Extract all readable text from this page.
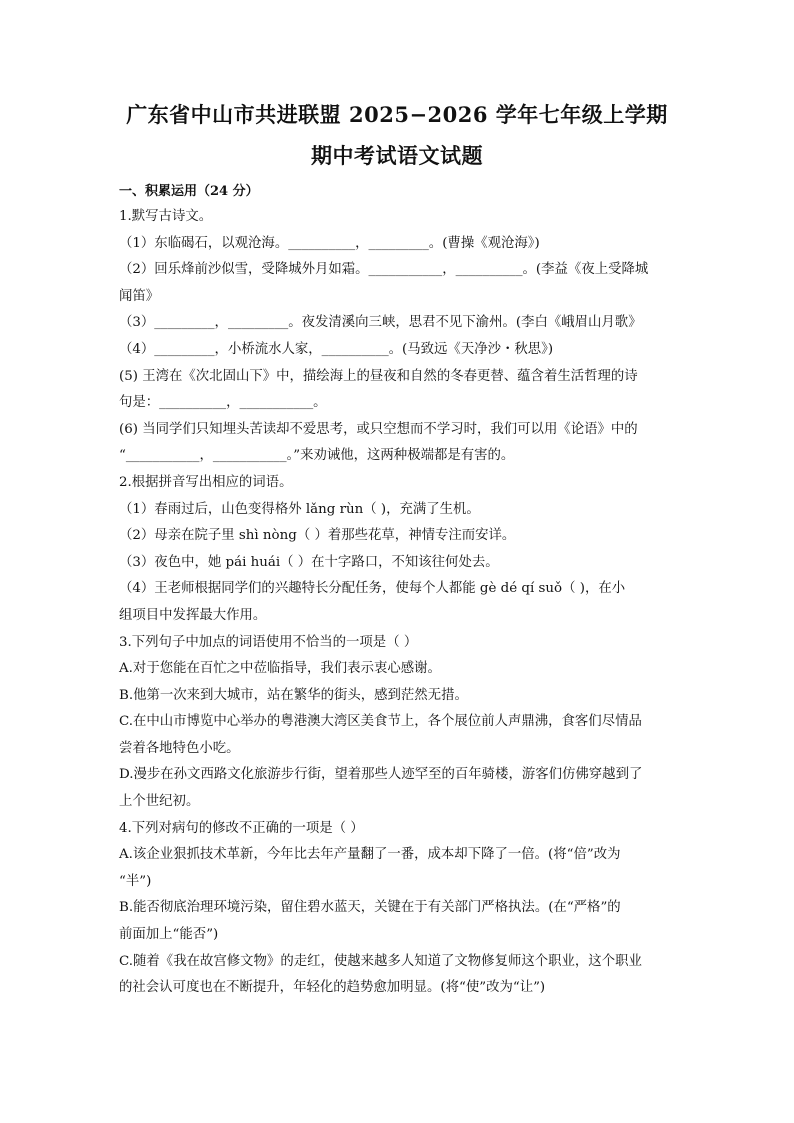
广东省中山市共进联盟 2025−2026 学年七年级上学期
期中考试语文试题
一、积累运用（24 分）

1.默写古诗文。

（1）东临碣石，以观沧海。__________，_________。(曹操《观沧海》)

（2）回乐烽前沙似雪，受降城外月如霜。___________，__________。(李益《夜上受降城

闻笛》

（3）_________，_________。夜发清溪向三峡，思君不见下渝州。(李白《峨眉山月歌》

（4）_________，小桥流水人家，__________。(马致远《天净沙・秋思》)

(5) 王湾在《次北固山下》中，描绘海上的昼夜和自然的冬春更替、蕴含着生活哲理的诗

句是：__________，___________。

(6) 当同学们只知埋头苦读却不爱思考，或只空想而不学习时，我们可以用《论语》中的

“___________，___________。”来劝诫他，这两种极端都是有害的。

2.根据拼音写出相应的词语。

（1）春雨过后，山色变得格外 lǎng rùn（ )，充满了生机。

（2）母亲在院子里 shì nòng（ ）着那些花草，神情专注而安详。

（3）夜色中，她 pái huái（ ）在十字路口，不知该往何处去。

（4）王老师根据同学们的兴趣特长分配任务，使每个人都能 gè dé qí suǒ（ )，在小

组项目中发挥最大作用。

3.下列句子中加点的词语使用不恰当的一项是（ ）

A.对于您能在百忙之中莅临指导，我们表示衷心感谢。

B.他第一次来到大城市，站在繁华的街头，感到茫然无措。

C.在中山市博览中心举办的粤港澳大湾区美食节上，各个展位前人声鼎沸，食客们尽情品

尝着各地特色小吃。

D.漫步在孙文西路文化旅游步行街，望着那些人迹罕至的百年骑楼，游客们仿佛穿越到了

上个世纪初。

4.下列对病句的修改不正确的一项是（ ）

A.该企业狠抓技术革新，今年比去年产量翻了一番，成本却下降了一倍。(将“倍”改为

“半”)

B.能否彻底治理环境污染，留住碧水蓝天，关键在于有关部门严格执法。(在“严格”的

前面加上“能否”)

C.随着《我在故宫修文物》的走红，使越来越多人知道了文物修复师这个职业，这个职业

的社会认可度也在不断提升，年轻化的趋势愈加明显。(将“使”改为“让”)
